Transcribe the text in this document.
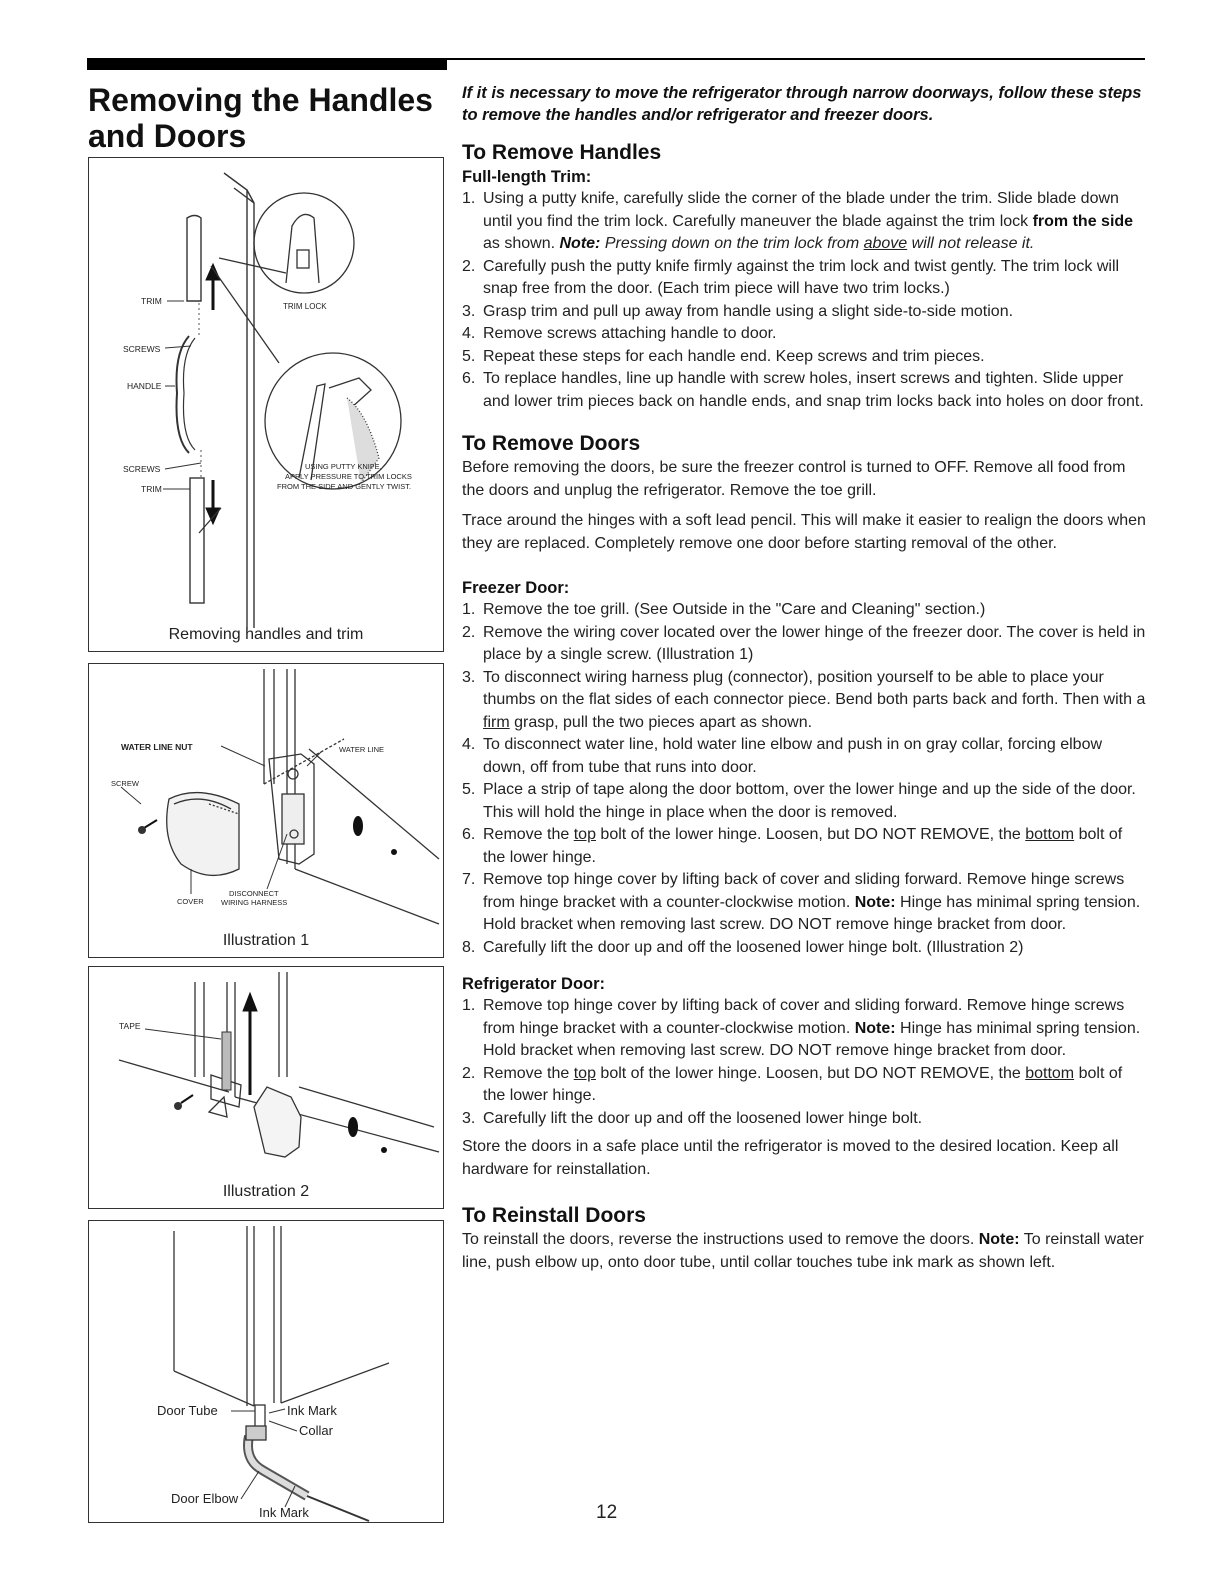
Removing the Handles and Doors
TRIM
TRIM LOCK
SCREWS
HANDLE
SCREWS
TRIM
USING PUTTY KNIFE,
APPLY PRESSURE TO TRIM LOCKS
FROM THE SIDE AND GENTLY TWIST.
Removing handles and trim
WATER LINE
WATER LINE NUT
SCREW
COVER
DISCONNECT
WIRING HARNESS
Illustration 1
TAPE
Illustration 2
Door Tube	Ink Mark
Collar
Door Elbow
Ink Mark

If it is necessary to move the refrigerator through narrow doorways, follow these steps to remove the handles and/or refrigerator and freezer doors.

To Remove Handles
Full-length Trim:
1. Using a putty knife, carefully slide the corner of the blade under the trim. Slide blade down until you find the trim lock. Carefully maneuver the blade against the trim lock from the side as shown. Note: Pressing down on the trim lock from above will not release it.
2. Carefully push the putty knife firmly against the trim lock and twist gently. The trim lock will snap free from the door. (Each trim piece will have two trim locks.)
3. Grasp trim and pull up away from handle using a slight side-to-side motion.
4. Remove screws attaching handle to door.
5. Repeat these steps for each handle end. Keep screws and trim pieces.
6. To replace handles, line up handle with screw holes, insert screws and tighten. Slide upper and lower trim pieces back on handle ends, and snap trim locks back into holes on door front.
To Remove Doors

Before removing the doors, be sure the freezer control is turned to OFF. Remove all food from the doors and unplug the refrigerator. Remove the toe grill.

Trace around the hinges with a soft lead pencil. This will make it easier to realign the doors when they are replaced. Completely remove one door before starting removal of the other.

Freezer Door:
1. Remove the toe grill. (See Outside in the "Care and Cleaning" section.)
2. Remove the wiring cover located over the lower hinge of the freezer door. The cover is held in place by a single screw. (Illustration 1)
3. To disconnect wiring harness plug (connector), position yourself to be able to place your thumbs on the flat sides of each connector piece. Bend both parts back and forth. Then with a firm grasp, pull the two pieces apart as shown.
4. To disconnect water line, hold water line elbow and push in on gray collar, forcing elbow down, off from tube that runs into door.
5. Place a strip of tape along the door bottom, over the lower hinge and up the side of the door. This will hold the hinge in place when the door is removed.
6. Remove the top bolt of the lower hinge. Loosen, but DO NOT REMOVE, the bottom bolt of the lower hinge.
7. Remove top hinge cover by lifting back of cover and sliding forward. Remove hinge screws from hinge bracket with a counter-clockwise motion. Note: Hinge has minimal spring tension. Hold bracket when removing last screw. DO NOT remove hinge bracket from door.
8. Carefully lift the door up and off the loosened lower hinge bolt. (Illustration 2)
Refrigerator Door:
1. Remove top hinge cover by lifting back of cover and sliding forward. Remove hinge screws from hinge bracket with a counter-clockwise motion. Note: Hinge has minimal spring tension. Hold bracket when removing last screw. DO NOT remove hinge bracket from door.
2. Remove the top bolt of the lower hinge. Loosen, but DO NOT REMOVE, the bottom bolt of the lower hinge.
3. Carefully lift the door up and off the loosened lower hinge bolt.

Store the doors in a safe place until the refrigerator is moved to the desired location. Keep all hardware for reinstallation.

To Reinstall Doors

To reinstall the doors, reverse the instructions used to remove the doors. Note: To reinstall water line, push elbow up, onto door tube, until collar touches tube ink mark as shown left.

12
